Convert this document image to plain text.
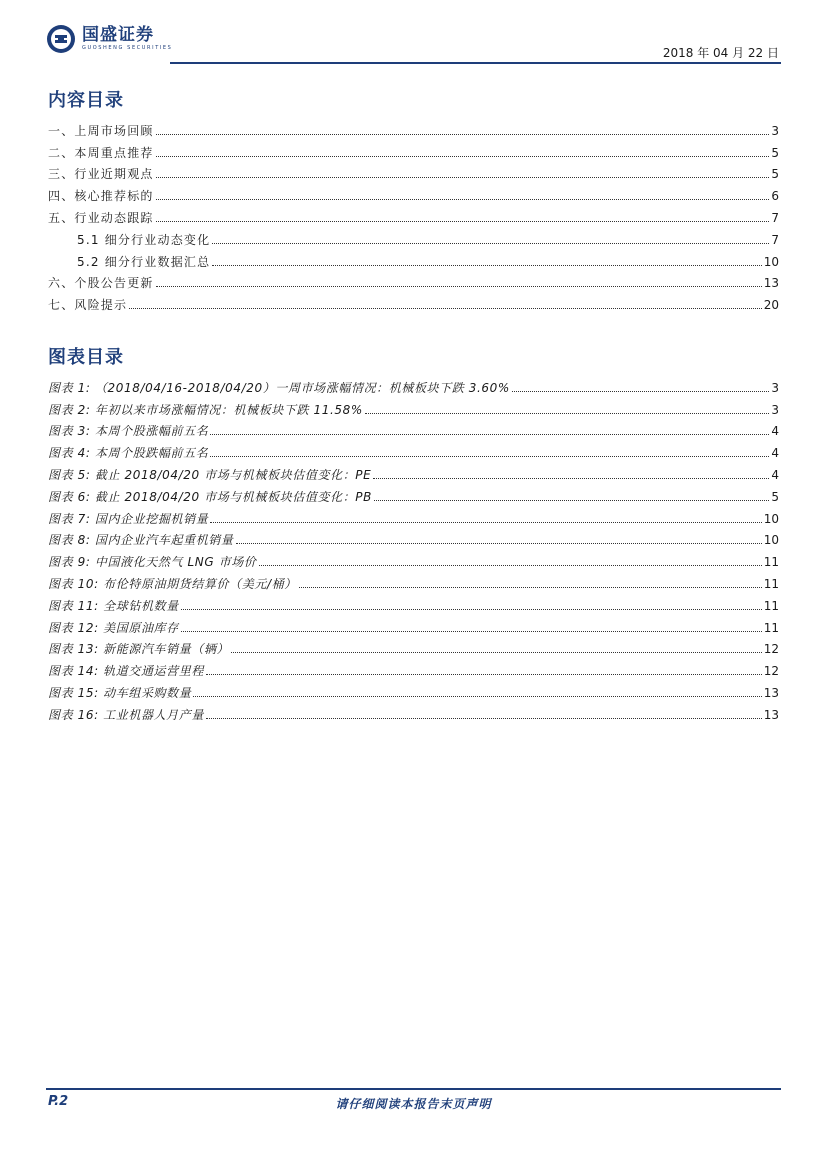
国盛证券
GUOSHENG SECURITIES	2018 年 04 月 22 日
内容目录
一、上周市场回顾	3
二、本周重点推荐	5
三、行业近期观点	5
四、核心推荐标的	6
五、行业动态跟踪	7
5.1 细分行业动态变化	7
5.2 细分行业数据汇总	10
六、个股公告更新	13
七、风险提示	20
图表目录
图表 1: （2018/04/16-2018/04/20）一周市场涨幅情况：机械板块下跌 3.60%	3
图表 2: 年初以来市场涨幅情况：机械板块下跌 11.58%	3
图表 3: 本周个股涨幅前五名	4
图表 4: 本周个股跌幅前五名	4
图表 5: 截止 2018/04/20 市场与机械板块估值变化：PE	4
图表 6: 截止 2018/04/20 市场与机械板块估值变化：PB	5
图表 7: 国内企业挖掘机销量	10
图表 8: 国内企业汽车起重机销量	10
图表 9: 中国液化天然气 LNG 市场价	11
图表 10: 布伦特原油期货结算价（美元/桶）	11
图表 11: 全球钻机数量	11
图表 12: 美国原油库存	11
图表 13: 新能源汽车销量（辆）	12
图表 14: 轨道交通运营里程	12
图表 15: 动车组采购数量	13
图表 16: 工业机器人月产量	13
P.2	请仔细阅读本报告末页声明
